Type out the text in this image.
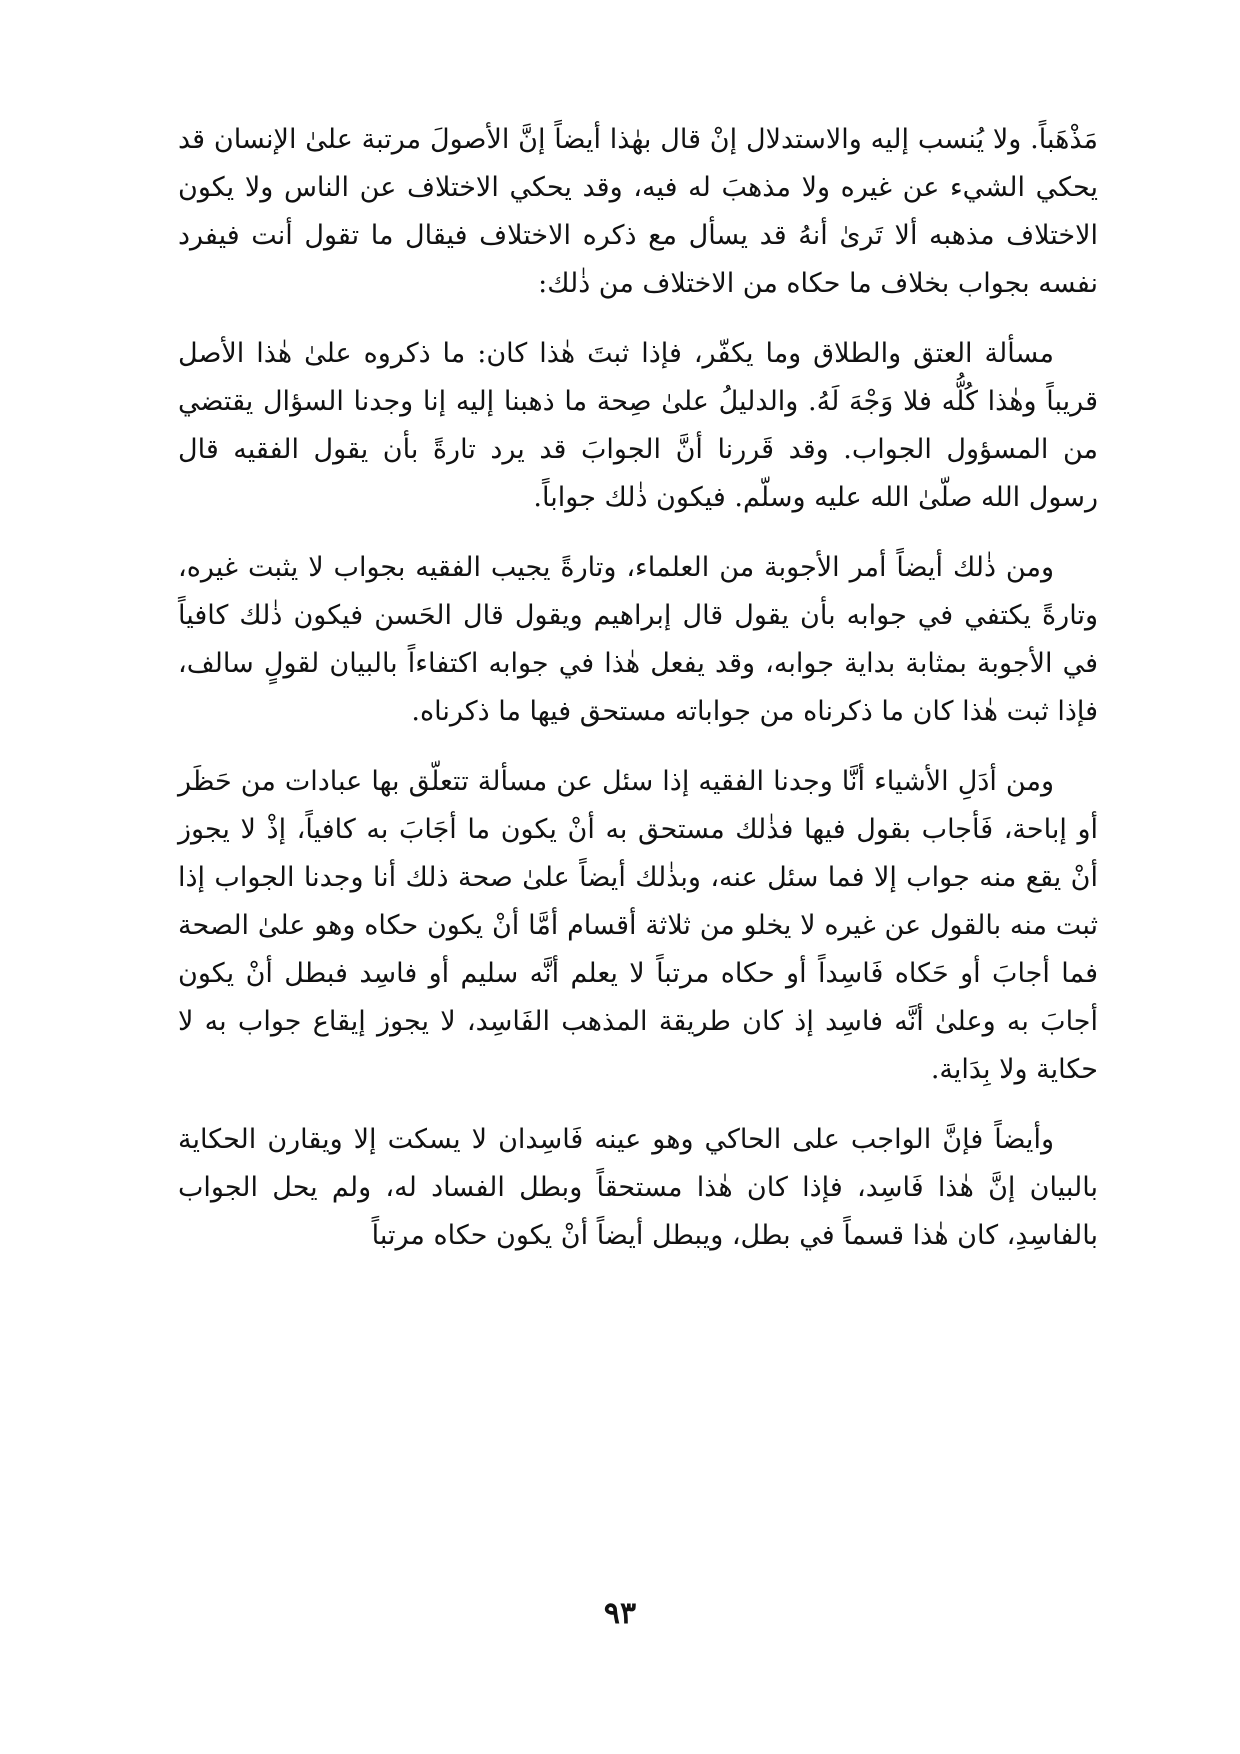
مَذْهَباً. ولا يُنسب إليه والاستدلال إنْ قال بهٰذا أيضاً إنَّ الأصولَ مرتبة علىٰ الإنسان قد يحكي الشيء عن غيره ولا مذهبَ له فيه، وقد يحكي الاختلاف عن الناس ولا يكون الاختلاف مذهبه ألا تَرىٰ أنهُ قد يسأل مع ذكره الاختلاف فيقال ما تقول أنت فيفرد نفسه بجواب بخلاف ما حكاه من الاختلاف من ذٰلك:

مسألة العتق والطلاق وما يكفّر، فإذا ثبتَ هٰذا كان: ما ذكروه علىٰ هٰذا الأصل قريباً وهٰذا كُلُّه فلا وَجْهَ لَهُ. والدليلُ علىٰ صِحة ما ذهبنا إليه إنا وجدنا السؤال يقتضي من المسؤول الجواب. وقد قَررنا أنَّ الجوابَ قد يرد تارةً بأن يقول الفقيه قال رسول الله صلّىٰ الله عليه وسلّم. فيكون ذٰلك جواباً.

ومن ذٰلك أيضاً أمر الأجوبة من العلماء، وتارةً يجيب الفقيه بجواب لا يثبت غيره، وتارةً يكتفي في جوابه بأن يقول قال إبراهيم ويقول قال الحَسن فيكون ذٰلك كافياً في الأجوبة بمثابة بداية جوابه، وقد يفعل هٰذا في جوابه اكتفاءاً بالبيان لقولٍ سالف، فإذا ثبت هٰذا كان ما ذكرناه من جواباته مستحق فيها ما ذكرناه.

ومن أدَلِ الأشياء أنَّا وجدنا الفقيه إذا سئل عن مسألة تتعلّق بها عبادات من حَظَر أو إباحة، فَأجاب بقول فيها فذٰلك مستحق به أنْ يكون ما أجَابَ به كافياً، إذْ لا يجوز أنْ يقع منه جواب إلا فما سئل عنه، وبذٰلك أيضاً علىٰ صحة ذلك أنا وجدنا الجواب إذا ثبت منه بالقول عن غيره لا يخلو من ثلاثة أقسام أمَّا أنْ يكون حكاه وهو علىٰ الصحة فما أجابَ أو حَكاه فَاسِداً أو حكاه مرتباً لا يعلم أنَّه سليم أو فاسِد فبطل أنْ يكون أجابَ به وعلىٰ أنَّه فاسِد إذ كان طريقة المذهب الفَاسِد، لا يجوز إيقاع جواب به لا حكاية ولا بِدَاية.

وأيضاً فإنَّ الواجب على الحاكي وهو عينه فَاسِدان لا يسكت إلا ويقارن الحكاية بالبيان إنَّ هٰذا فَاسِد، فإذا كان هٰذا مستحقاً وبطل الفساد له، ولم يحل الجواب بالفاسِدِ، كان هٰذا قسماً في بطل، ويبطل أيضاً أنْ يكون حكاه مرتباً

٩٣
